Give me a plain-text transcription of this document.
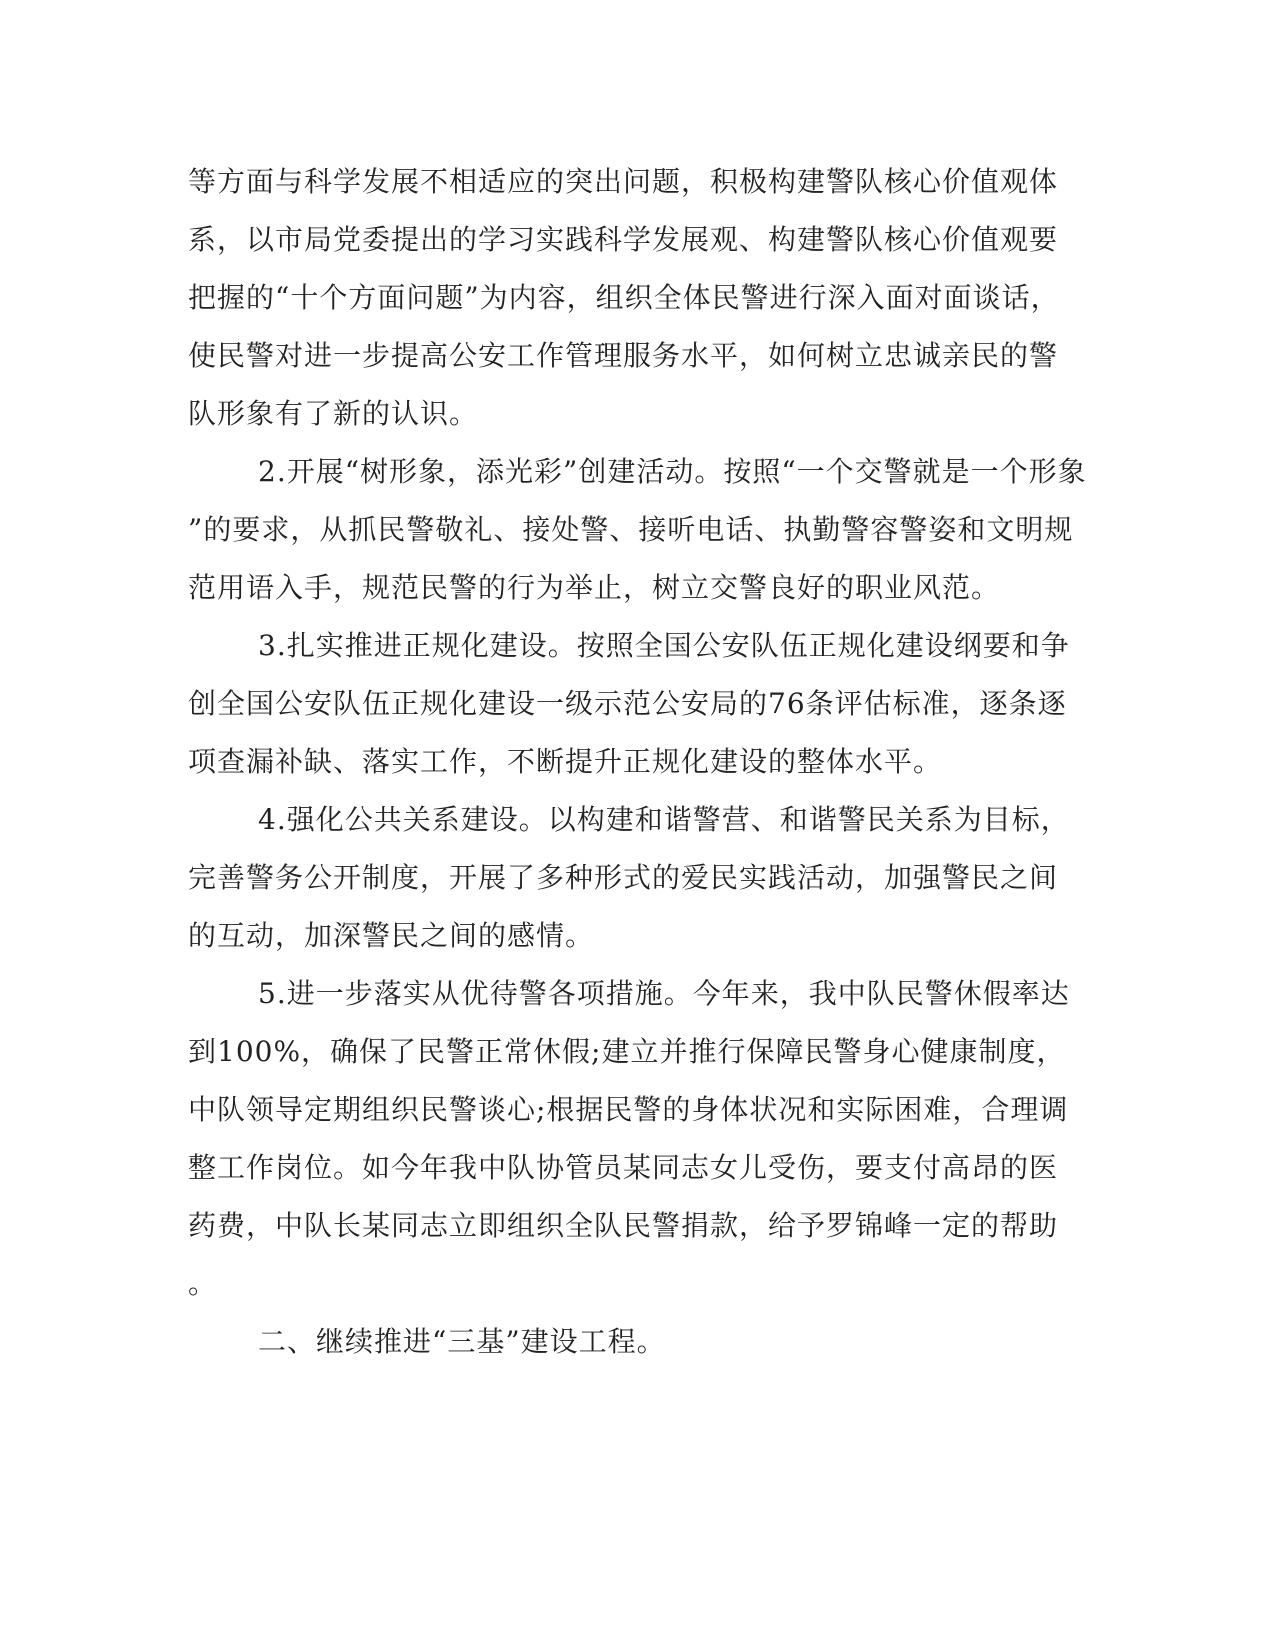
等方面与科学发展不相适应的突出问题，积极构建警队核心价值观体
系，以市局党委提出的学习实践科学发展观、构建警队核心价值观要
把握的“十个方面问题”为内容，组织全体民警进行深入面对面谈话，
使民警对进一步提高公安工作管理服务水平，如何树立忠诚亲民的警
队形象有了新的认识。
2.开展“树形象，添光彩”创建活动。按照“一个交警就是一个形象
”的要求，从抓民警敬礼、接处警、接听电话、执勤警容警姿和文明规
范用语入手，规范民警的行为举止，树立交警良好的职业风范。
3.扎实推进正规化建设。按照全国公安队伍正规化建设纲要和争
创全国公安队伍正规化建设一级示范公安局的76条评估标准，逐条逐
项查漏补缺、落实工作，不断提升正规化建设的整体水平。
4.强化公共关系建设。以构建和谐警营、和谐警民关系为目标，
完善警务公开制度，开展了多种形式的爱民实践活动，加强警民之间
的互动，加深警民之间的感情。
5.进一步落实从优待警各项措施。今年来，我中队民警休假率达
到100%，确保了民警正常休假;建立并推行保障民警身心健康制度，
中队领导定期组织民警谈心;根据民警的身体状况和实际困难，合理调
整工作岗位。如今年我中队协管员某同志女儿受伤，要支付高昂的医
药费，中队长某同志立即组织全队民警捐款，给予罗锦峰一定的帮助
。
二、继续推进“三基”建设工程。
